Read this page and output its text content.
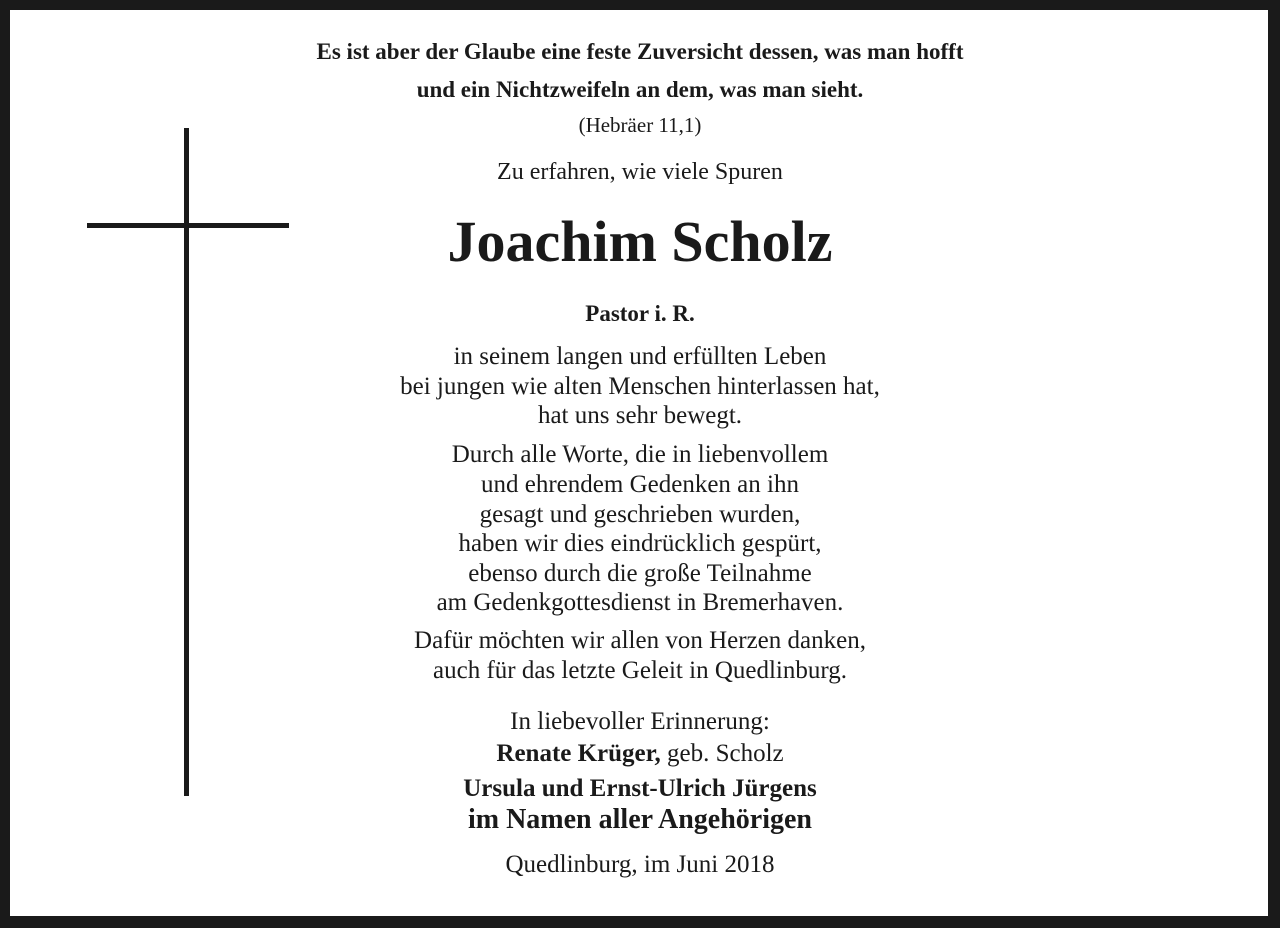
Es ist aber der Glaube eine feste Zuversicht dessen, was man hofft
und ein Nichtzweifeln an dem, was man sieht.
(Hebräer 11,1)
Zu erfahren, wie viele Spuren
Joachim Scholz
Pastor i. R.
in seinem langen und erfüllten Leben
bei jungen wie alten Menschen hinterlassen hat,
hat uns sehr bewegt.
Durch alle Worte, die in liebenvollem
und ehrendem Gedenken an ihn
gesagt und geschrieben wurden,
haben wir dies eindrücklich gespürt,
ebenso durch die große Teilnahme
am Gedenkgottesdienst in Bremerhaven.
Dafür möchten wir allen von Herzen danken,
auch für das letzte Geleit in Quedlinburg.
In liebevoller Erinnerung:
Renate Krüger, geb. Scholz
Ursula und Ernst-Ulrich Jürgens
im Namen aller Angehörigen
Quedlinburg, im Juni 2018
